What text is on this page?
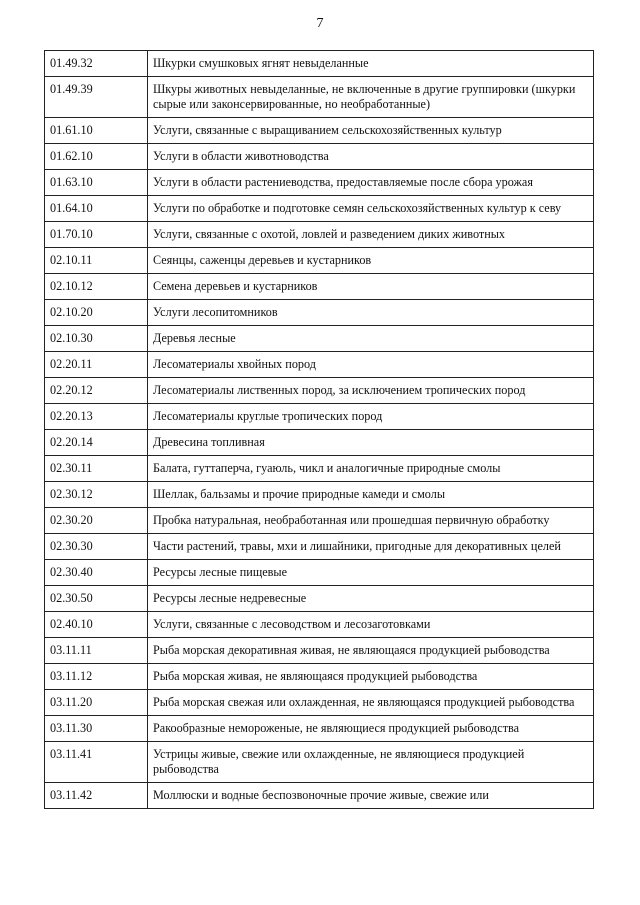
7
01.49.32	Шкурки смушковых ягнят невыделанные
01.49.39	Шкуры животных невыделанные, не включенные в другие группировки (шкурки сырые или законсервированные, но необработанные)
01.61.10	Услуги, связанные с выращиванием сельскохозяйственных культур
01.62.10	Услуги в области животноводства
01.63.10	Услуги в области растениеводства, предоставляемые после сбора урожая
01.64.10	Услуги по обработке и подготовке семян сельскохозяйственных культур к севу
01.70.10	Услуги, связанные с охотой, ловлей и разведением диких животных
02.10.11	Сеянцы, саженцы деревьев и кустарников
02.10.12	Семена деревьев и кустарников
02.10.20	Услуги лесопитомников
02.10.30	Деревья лесные
02.20.11	Лесоматериалы хвойных пород
02.20.12	Лесоматериалы лиственных пород, за исключением тропических пород
02.20.13	Лесоматериалы круглые тропических пород
02.20.14	Древесина топливная
02.30.11	Балата, гуттаперча, гуаюль, чикл и аналогичные природные смолы
02.30.12	Шеллак, бальзамы и прочие природные камеди и смолы
02.30.20	Пробка натуральная, необработанная или прошедшая первичную обработку
02.30.30	Части растений, травы, мхи и лишайники, пригодные для декоративных целей
02.30.40	Ресурсы лесные пищевые
02.30.50	Ресурсы лесные недревесные
02.40.10	Услуги, связанные с лесоводством и лесозаготовками
03.11.11	Рыба морская декоративная живая, не являющаяся продукцией рыбоводства
03.11.12	Рыба морская живая, не являющаяся продукцией рыбоводства
03.11.20	Рыба морская свежая или охлажденная, не являющаяся продукцией рыбоводства
03.11.30	Ракообразные немороженые, не являющиеся продукцией рыбоводства
03.11.41	Устрицы живые, свежие или охлажденные, не являющиеся продукцией рыбоводства
03.11.42	Моллюски и водные беспозвоночные прочие живые, свежие или
